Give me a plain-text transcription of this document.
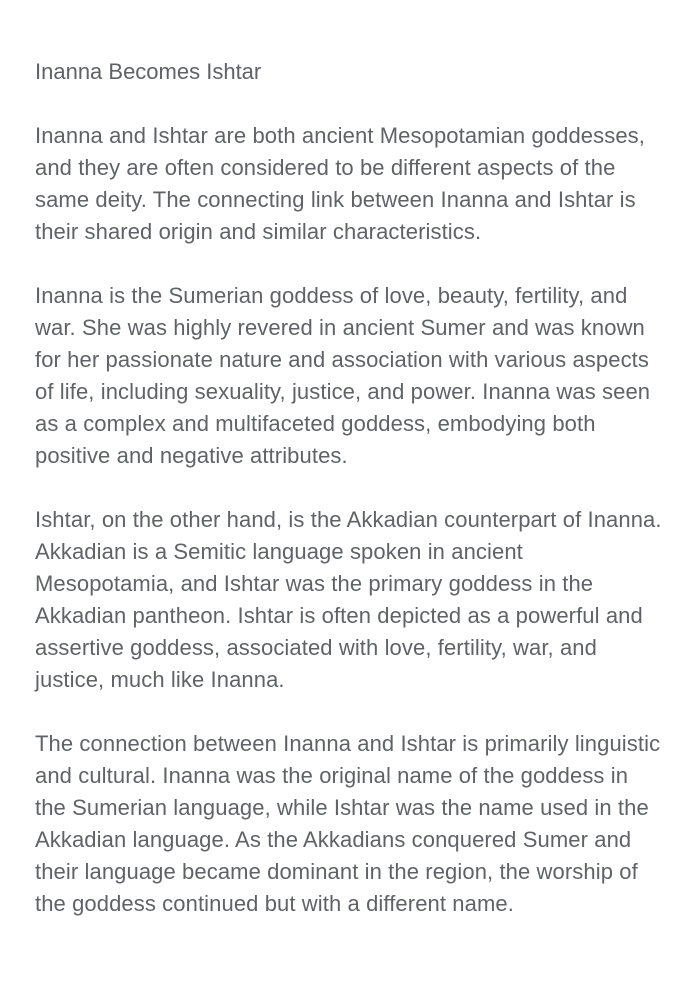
Inanna Becomes Ishtar

Inanna and Ishtar are both ancient Mesopotamian goddesses, and they are often considered to be different aspects of the same deity. The connecting link between Inanna and Ishtar is their shared origin and similar characteristics.

Inanna is the Sumerian goddess of love, beauty, fertility, and war. She was highly revered in ancient Sumer and was known for her passionate nature and association with various aspects of life, including sexuality, justice, and power. Inanna was seen as a complex and multifaceted goddess, embodying both positive and negative attributes.

Ishtar, on the other hand, is the Akkadian counterpart of Inanna. Akkadian is a Semitic language spoken in ancient Mesopotamia, and Ishtar was the primary goddess in the Akkadian pantheon. Ishtar is often depicted as a powerful and assertive goddess, associated with love, fertility, war, and justice, much like Inanna.

The connection between Inanna and Ishtar is primarily linguistic and cultural. Inanna was the original name of the goddess in the Sumerian language, while Ishtar was the name used in the Akkadian language. As the Akkadians conquered Sumer and their language became dominant in the region, the worship of the goddess continued but with a different name.
